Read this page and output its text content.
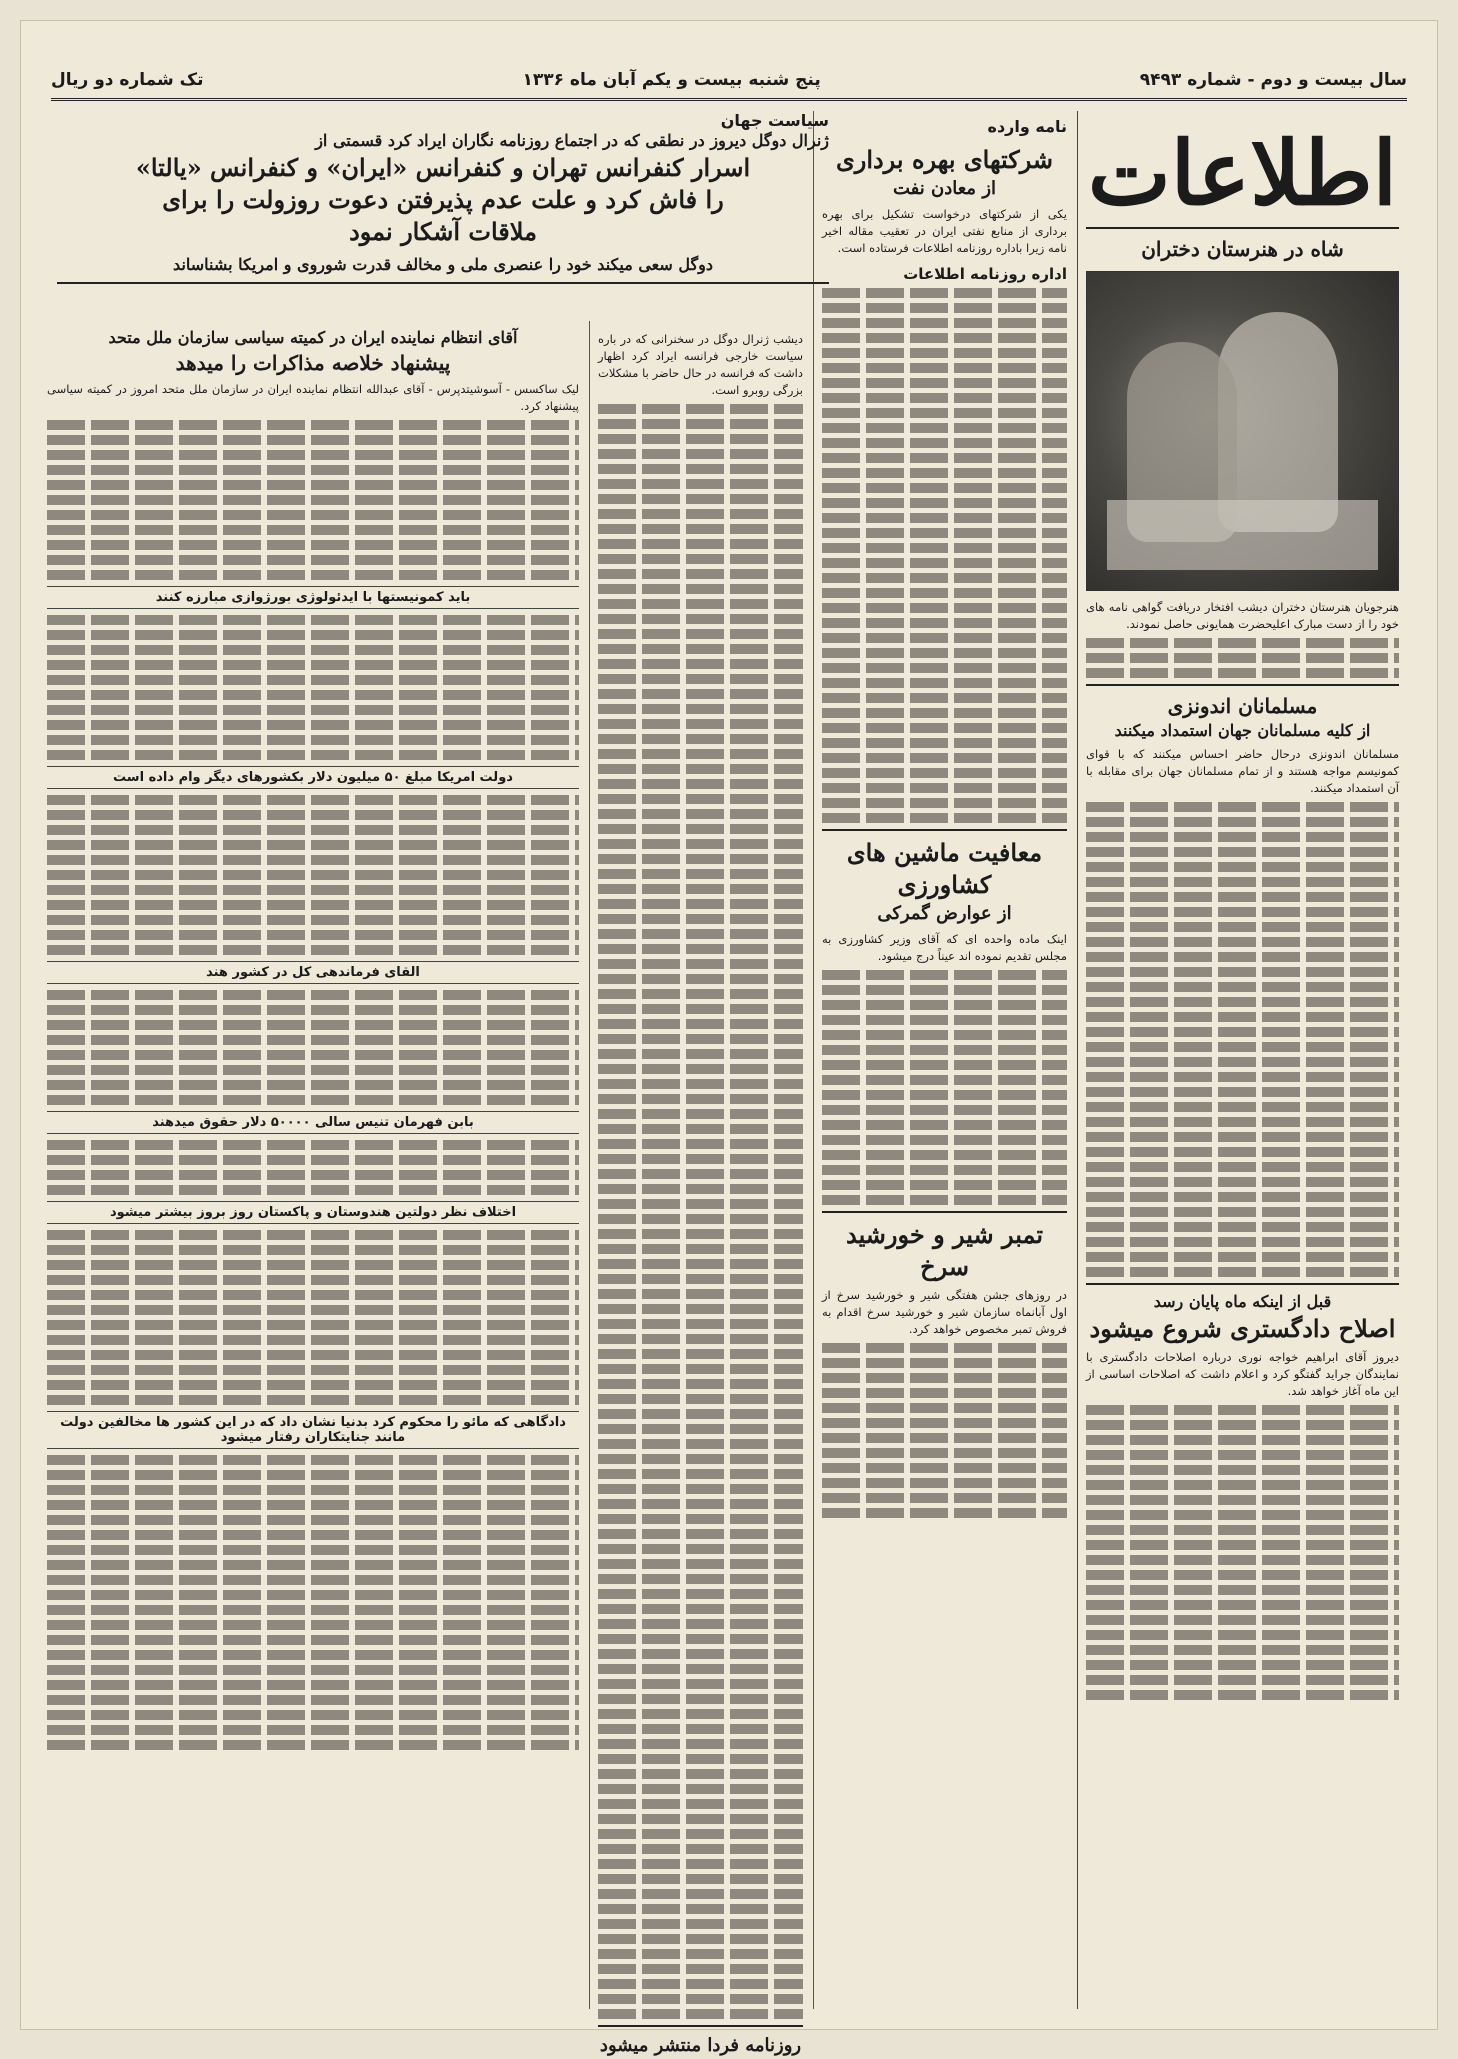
سال بیست و دوم - شماره ۹۴۹۳
پنج شنبه بیست و یکم آبان ماه ۱۳۳۶
تک شماره دو ریال
اطلاعات
شاه در هنرستان دختران

هنرجویان هنرستان دختران دیشب افتخار دریافت گواهی نامه های خود را از دست مبارک اعلیحضرت همایونی حاصل نمودند.

مسلمانان اندونزی
از کلیه مسلمانان جهان استمداد میکنند

مسلمانان اندونزی درحال حاضر احساس میکنند که با قوای کمونیسم مواجه هستند و از تمام مسلمانان جهان برای مقابله با آن استمداد میکنند.

قبل از اینکه ماه پایان رسد
اصلاح دادگستری شروع میشود

دیروز آقای ابراهیم خواجه نوری درباره اصلاحات دادگستری با نمایندگان جراید گفتگو کرد و اعلام داشت که اصلاحات اساسی از این ماه آغاز خواهد شد.

نامه وارده
شرکتهای بهره برداری
از معادن نفت

یکی از شرکتهای درخواست تشکیل برای بهره برداری از منابع نفتی ایران در تعقیب مقاله اخیر نامه زیرا باداره روزنامه اطلاعات فرستاده است.

اداره روزنامه اطلاعات
معافیت ماشین های کشاورزی
از عوارض گمرکی

اینک ماده واحده ای که آقای وزیر کشاورزی به مجلس تقدیم نموده اند عیناً درج میشود.

تمبر شیر و خورشید سرخ

در روزهای جشن هفتگی شیر و خورشید سرخ از اول آبانماه سازمان شیر و خورشید سرخ اقدام به فروش تمبر مخصوص خواهد کرد.

سیاست جهان
ژنرال دوگل دیروز در نطقی که در اجتماع روزنامه نگاران ایراد کرد قسمتی از
اسرار کنفرانس تهران و کنفرانس «ایران» و کنفرانس «یالتا»
را فاش کرد و علت عدم پذیرفتن دعوت روزولت را برای
ملاقات آشکار نمود
دوگل سعی میکند خود را عنصری ملی و مخالف قدرت شوروی و امریکا بشناساند

دیشب ژنرال دوگل در سخنرانی که در باره سیاست خارجی فرانسه ایراد کرد اظهار داشت که فرانسه در حال حاضر با مشکلات بزرگی روبرو است.

روزنامه فردا منتشر میشود
آقای انتظام نماینده ایران در کمیته سیاسی سازمان ملل متحد
پیشنهاد خلاصه مذاکرات را میدهد

لیک ساکسس - آسوشیتدپرس - آقای عبدالله انتظام نماینده ایران در سازمان ملل متحد امروز در کمیته سیاسی پیشنهاد کرد.

باید کمونیستها با ایدئولوژی بورژوازی مبارزه کنند
دولت امریکا مبلغ ۵۰ میلیون دلار بکشورهای دیگر وام داده است
القای فرماندهی کل در کشور هند
بابن فهرمان تنیس سالی ۵۰۰۰۰ دلار حقوق میدهند
اختلاف نظر دولتین هندوستان و پاکستان روز بروز بیشتر میشود
دادگاهی که مائو را محکوم کرد بدنیا نشان داد که در این کشور ها مخالفین دولت مانند جنایتکاران رفتار میشود
